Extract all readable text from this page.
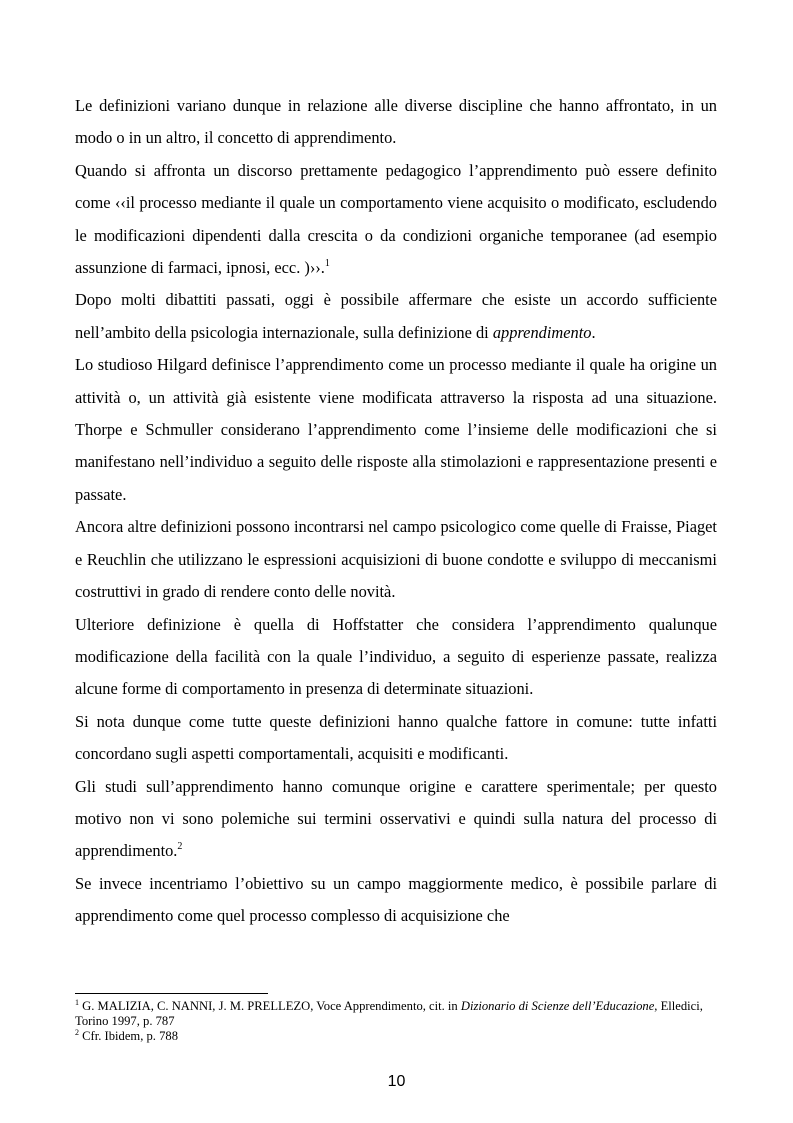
Le definizioni variano dunque in relazione alle diverse discipline che hanno affrontato, in un modo o in un altro, il concetto di apprendimento.

Quando si affronta un discorso prettamente pedagogico l’apprendimento può essere definito come ‹‹il processo mediante il quale un comportamento viene acquisito o modificato, escludendo le modificazioni dipendenti dalla crescita o da condizioni organiche temporanee (ad esempio assunzione di farmaci, ipnosi, ecc. )››.$^1$

Dopo molti dibattiti passati, oggi è possibile affermare che esiste un accordo sufficiente nell’ambito della psicologia internazionale, sulla definizione di apprendimento.

Lo studioso Hilgard definisce l’apprendimento come un processo mediante il quale ha origine un attività o, un attività già esistente viene modificata attraverso la risposta ad una situazione. Thorpe e Schmuller considerano l’apprendimento come l’insieme delle modificazioni che si manifestano nell’individuo a seguito delle risposte alla stimolazioni e rappresentazione presenti e passate.

Ancora altre definizioni possono incontrarsi nel campo psicologico come quelle di Fraisse, Piaget e Reuchlin che utilizzano le espressioni acquisizioni di buone condotte e sviluppo di meccanismi costruttivi in grado di rendere conto delle novità.

Ulteriore definizione è quella di Hoffstatter che considera l’apprendimento qualunque modificazione della facilità con la quale l’individuo, a seguito di esperienze passate, realizza alcune forme di comportamento in presenza di determinate situazioni.

Si nota dunque come tutte queste definizioni hanno qualche fattore in comune: tutte infatti concordano sugli aspetti comportamentali, acquisiti e modificanti.

Gli studi sull’apprendimento hanno comunque origine e carattere sperimentale; per questo motivo non vi sono polemiche sui termini osservativi e quindi sulla natura del processo di apprendimento.$^2$

Se invece incentriamo l’obiettivo su un campo maggiormente medico, è possibile parlare di apprendimento come quel processo complesso di acquisizione che

$^1$ G. MALIZIA, C. NANNI, J. M. PRELLEZO, Voce Apprendimento, cit. in Dizionario di Scienze dell’Educazione, Elledici, Torino 1997, p. 787

$^2$ Cfr. Ibidem, p. 788

10
